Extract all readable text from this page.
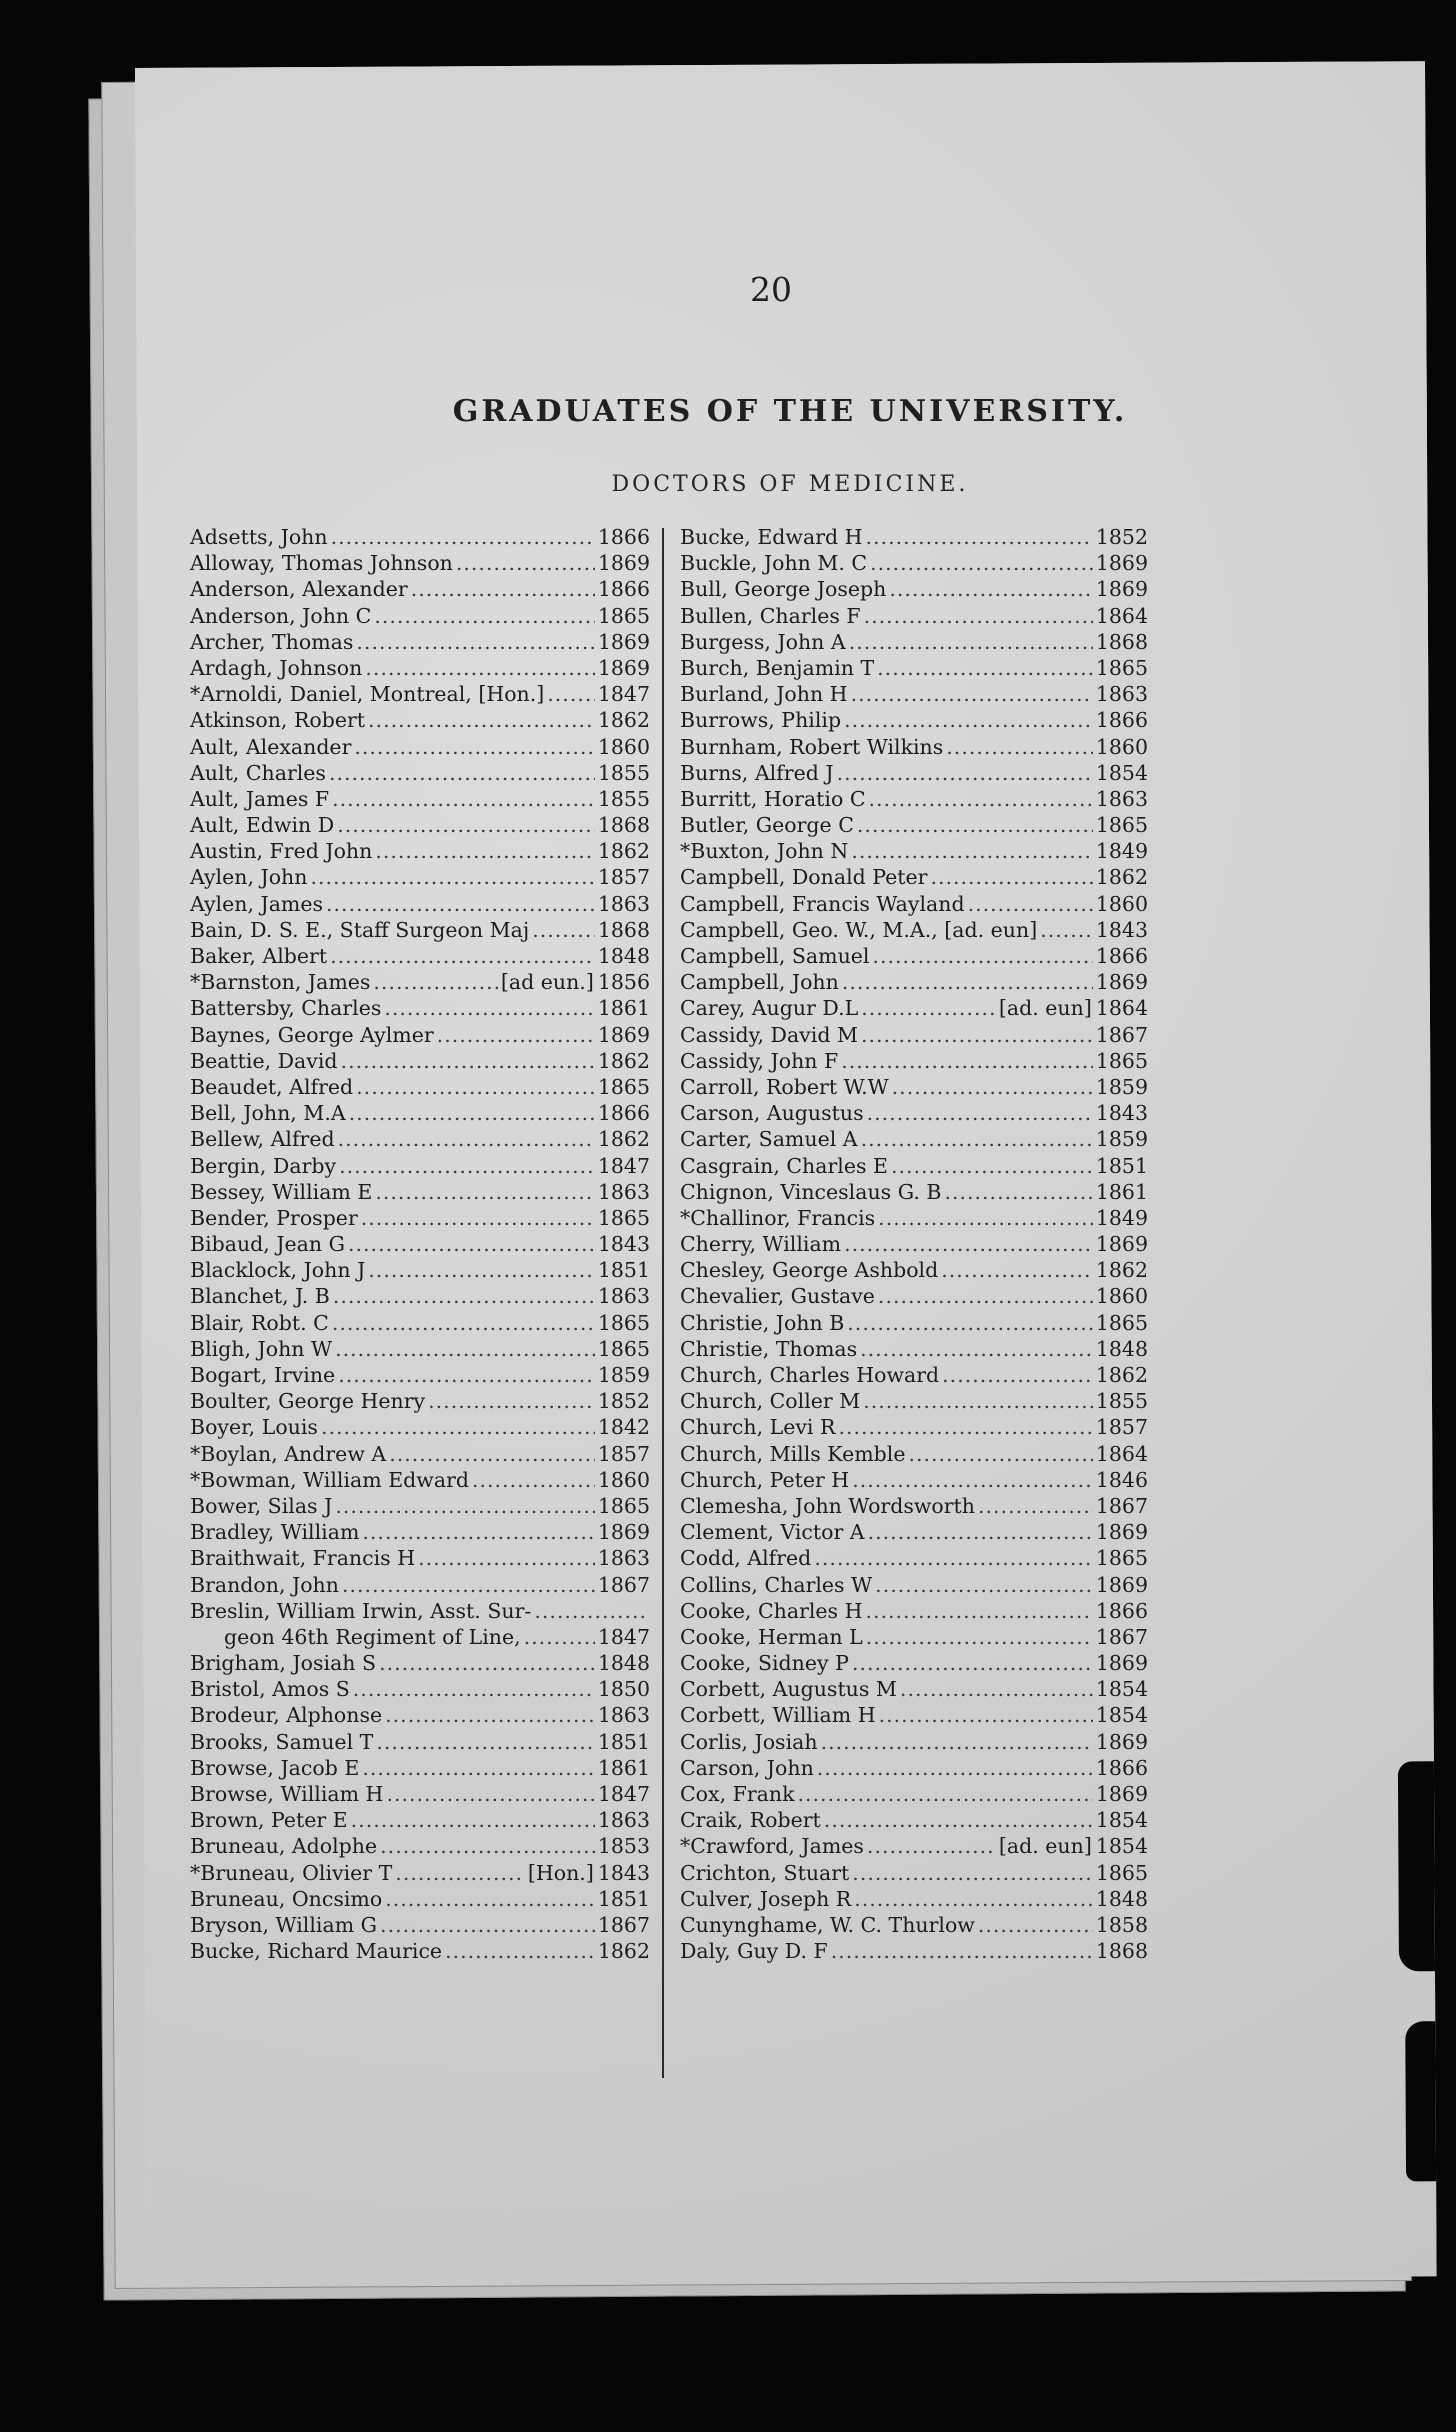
20
GRADUATES OF THE UNIVERSITY.
DOCTORS OF MEDICINE.
Adsetts, John .....	1866
Alloway, Thomas Johnson .....	1869
Anderson, Alexander .....	1866
Anderson, John C .....	1865
Archer, Thomas .....	1869
Ardagh, Johnson .....	1869
*Arnoldi, Daniel, Montreal, [Hon.] .....	1847
Atkinson, Robert .....	1862
Ault, Alexander .....	1860
Ault, Charles .....	1855
Ault, James F .....	1855
Ault, Edwin D .....	1868
Austin, Fred John .....	1862
Aylen, John .....	1857
Aylen, James .....	1863
Bain, D. S. E., Staff Surgeon Maj .....	1868
Baker, Albert .....	1848
*Barnston, James .....	[ad eun.] 1856
Battersby, Charles .....	1861
Baynes, George Aylmer .....	1869
Beattie, David .....	1862
Beaudet, Alfred .....	1865
Bell, John, M.A .....	1866
Bellew, Alfred .....	1862
Bergin, Darby .....	1847
Bessey, William E .....	1863
Bender, Prosper .....	1865
Bibaud, Jean G .....	1843
Blacklock, John J .....	1851
Blanchet, J. B .....	1863
Blair, Robt. C .....	1865
Bligh, John W .....	1865
Bogart, Irvine .....	1859
Boulter, George Henry .....	1852
Boyer, Louis .....	1842
*Boylan, Andrew A .....	1857
*Bowman, William Edward .....	1860
Bower, Silas J .....	1865
Bradley, William .....	1869
Braithwait, Francis H .....	1863
Brandon, John .....	1867
Breslin, William Irwin, Asst. Sur-
.....
geon 46th Regiment of Line, .....	1847
Brigham, Josiah S .....	1848
Bristol, Amos S .....	1850
Brodeur, Alphonse .....	1863
Brooks, Samuel T .....	1851
Browse, Jacob E .....	1861
Browse, William H .....	1847
Brown, Peter E .....	1863
Bruneau, Adolphe .....	1853
*Bruneau, Olivier T .....	[Hon.] 1843
Bruneau, Oncsimo .....	1851
Bryson, William G .....	1867
Bucke, Richard Maurice .....	1862
Bucke, Edward H .....	1852
Buckle, John M. C .....	1869
Bull, George Joseph .....	1869
Bullen, Charles F .....	1864
Burgess, John A .....	1868
Burch, Benjamin T .....	1865
Burland, John H .....	1863
Burrows, Philip .....	1866
Burnham, Robert Wilkins .....	1860
Burns, Alfred J .....	1854
Burritt, Horatio C .....	1863
Butler, George C .....	1865
*Buxton, John N .....	1849
Campbell, Donald Peter .....	1862
Campbell, Francis Wayland .....	1860
Campbell, Geo. W., M.A., [ad. eun] .....	1843
Campbell, Samuel .....	1866
Campbell, John .....	1869
Carey, Augur D.L .....	[ad. eun] 1864
Cassidy, David M .....	1867
Cassidy, John F .....	1865
Carroll, Robert W.W .....	1859
Carson, Augustus .....	1843
Carter, Samuel A .....	1859
Casgrain, Charles E .....	1851
Chignon, Vinceslaus G. B .....	1861
*Challinor, Francis .....	1849
Cherry, William .....	1869
Chesley, George Ashbold .....	1862
Chevalier, Gustave .....	1860
Christie, John B .....	1865
Christie, Thomas .....	1848
Church, Charles Howard .....	1862
Church, Coller M .....	1855
Church, Levi R .....	1857
Church, Mills Kemble .....	1864
Church, Peter H .....	1846
Clemesha, John Wordsworth .....	1867
Clement, Victor A .....	1869
Codd, Alfred .....	1865
Collins, Charles W .....	1869
Cooke, Charles H .....	1866
Cooke, Herman L .....	1867
Cooke, Sidney P .....	1869
Corbett, Augustus M .....	1854
Corbett, William H .....	1854
Corlis, Josiah .....	1869
Carson, John .....	1866
Cox, Frank .....	1869
Craik, Robert .....	1854
*Crawford, James .....	[ad. eun] 1854
Crichton, Stuart .....	1865
Culver, Joseph R .....	1848
Cunynghame, W. C. Thurlow .....	1858
Daly, Guy D. F .....	1868
